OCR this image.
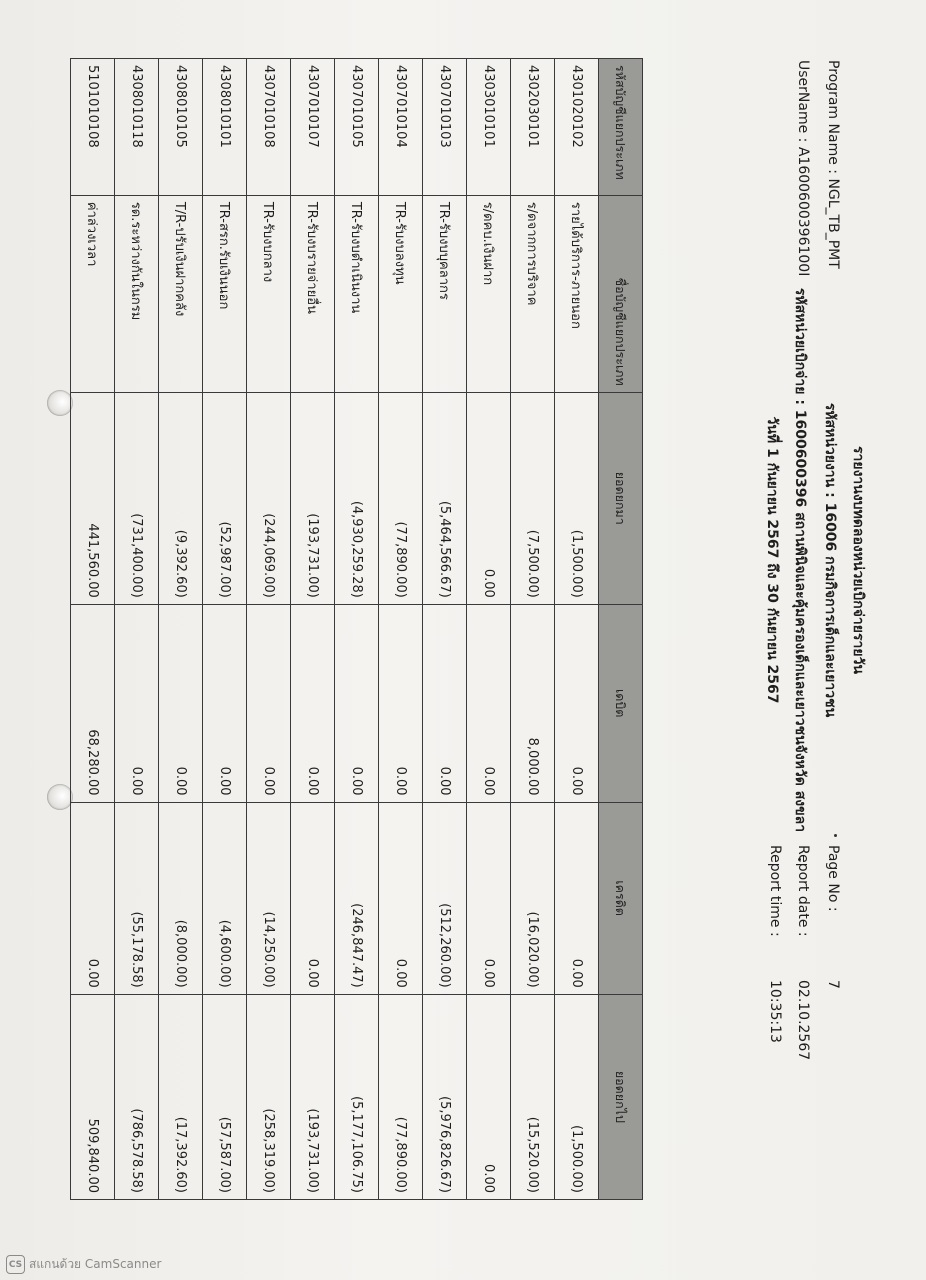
รายงานงบทดลองหน่วยเบิกจ่ายรายวัน
รหัสหน่วยงาน : 16006 กรมกิจการเด็กและเยาวชน
รหัสหน่วยเบิกจ่าย : 1600600396 สถานพินิจและคุ้มครองเด็กและเยาวชนจังหวัด สงขลา
วันที่ 1 กันยายน 2567 ถึง 30 กันยายน 2567
Program Name : NGL_TB_PMT
UserName : A1600600396100I
Page No :
7
Report date :
02.10.2567
Report time :
10:35:13
รหัสบัญชีแยกประเภท	ชื่อบัญชีแยกประเภท	ยอดยกมา	เดบิต	เครดิต	ยอดยกไป
4301020102	รายได้บริการ-ภายนอก	(1,500.00)	0.00	0.00	(1,500.00)
4302030101	ร/ดจากการบริจาค	(7,500.00)	8,000.00	(16,020.00)	(15,520.00)
4303010101	ร/ดคบ.เงินฝาก	0.00	0.00	0.00	0.00
4307010103	TR-รับงบบุคลากร	(5,464,566.67)	0.00	(512,260.00)	(5,976,826.67)
4307010104	TR-รับงบลงทุน	(77,890.00)	0.00	0.00	(77,890.00)
4307010105	TR-รับงบดำเนินงาน	(4,930,259.28)	0.00	(246,847.47)	(5,177,106.75)
4307010107	TR-รับงบรายจ่ายอื่น	(193,731.00)	0.00	0.00	(193,731.00)
4307010108	TR-รับงบกลาง	(244,069.00)	0.00	(14,250.00)	(258,319.00)
4308010101	TR-สรก.รับเงินนอก	(52,987.00)	0.00	(4,600.00)	(57,587.00)
4308010105	T/R-ปรับเงินฝากคลัง	(9,392.60)	0.00	(8,000.00)	(17,392.60)
4308010118	รด.ระหว่างกันในกรม	(731,400.00)	0.00	(55,178.58)	(786,578.58)
5101010108	ค่าล่วงเวลา	441,560.00	68,280.00	0.00	509,840.00
CS สแกนด้วย CamScanner
